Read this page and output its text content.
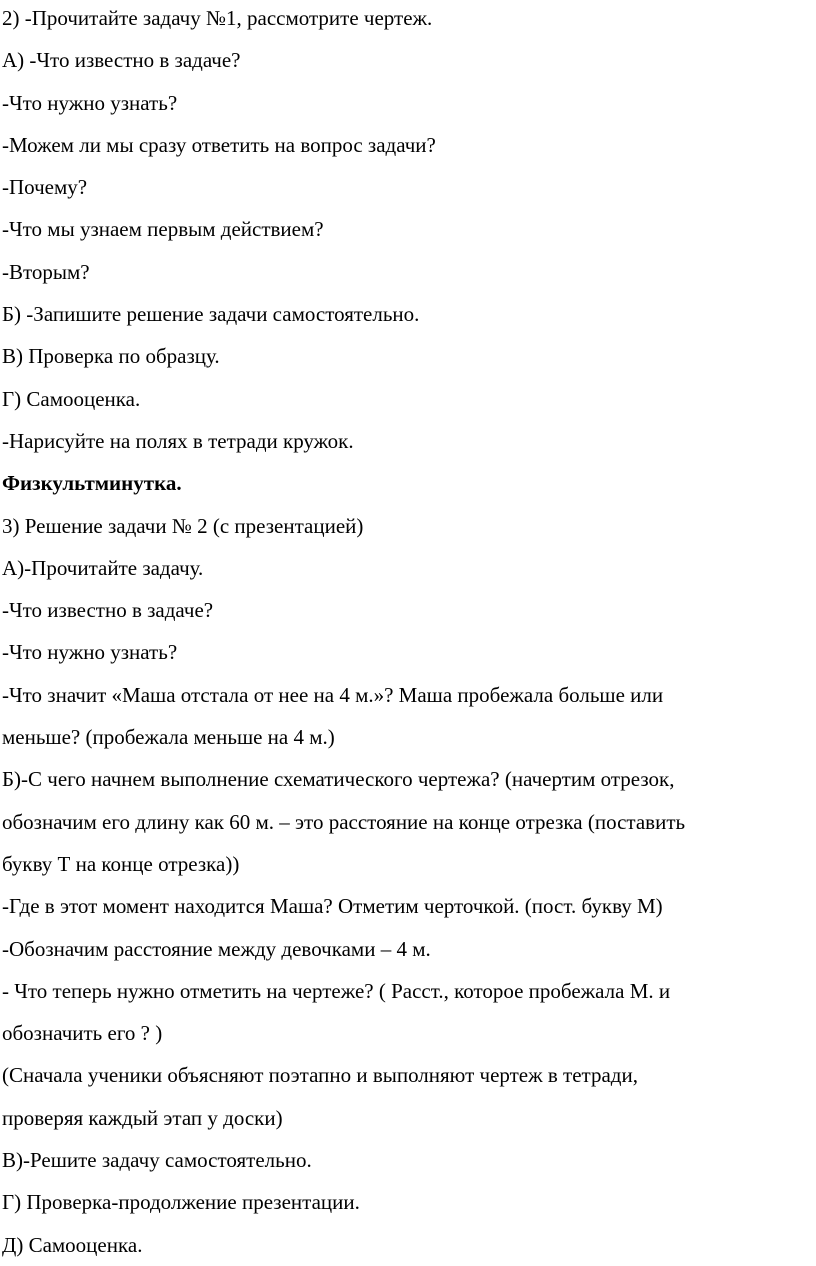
2) -Прочитайте задачу №1, рассмотрите чертеж.
А) -Что известно в задаче?
-Что нужно узнать?
-Можем ли мы сразу ответить на вопрос задачи?
-Почему?
-Что мы узнаем первым действием?
-Вторым?
Б) -Запишите решение задачи самостоятельно.
В) Проверка по образцу.
Г) Самооценка.
-Нарисуйте на полях в тетради кружок.
Физкультминутка.
3) Решение задачи № 2 (с презентацией)
А)-Прочитайте задачу.
-Что известно в задаче?
-Что нужно узнать?
-Что значит «Маша отстала от нее на 4 м.»? Маша пробежала больше или
меньше? (пробежала меньше на 4 м.)
Б)-С чего начнем выполнение схематического чертежа? (начертим отрезок,
обозначим его длину как 60 м. – это расстояние на конце отрезка (поставить
букву Т на конце отрезка))
-Где в этот момент находится Маша? Отметим черточкой. (пост. букву М)
-Обозначим расстояние между девочками – 4 м.
- Что теперь нужно отметить на чертеже? ( Расст., которое пробежала М. и
обозначить его ? )
(Сначала ученики объясняют поэтапно и выполняют чертеж в тетради,
проверяя каждый этап у доски)
В)-Решите задачу самостоятельно.
Г) Проверка-продолжение презентации.
Д) Самооценка.
